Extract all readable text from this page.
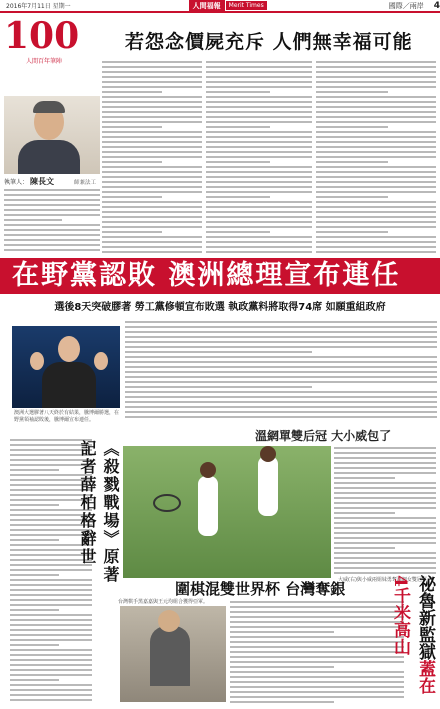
2016年7月11日 星期一	人間福報	Merit Times	國際／兩岸 4
100
人間百年筆陣
若怨念價屍充斥 人們無幸福可能
執筆人： 陳長文	師兼法工
在野黨認敗 澳洲總理宣布連任
選後8天突破膠著 勞工黨修頓宣布敗選 執政黨料將取得74席 如願重組政府
澳洲大選膠著八天終於有結果，騰博爾勝選，在野黨領袖認敗後，騰博爾宣布連任。
《殺戮戰場》原著 記者薛柏格辭世
溫網單雙后冠 大小威包了
大威(右)與小威兩姐妹勇奪溫網女雙冠軍。
圍棋混雙世界杯 台灣奪銀
台灣棋手黑嘉嘉與王元均組合獲得亞軍。	祕魯新監獄蓋在4千米高山
